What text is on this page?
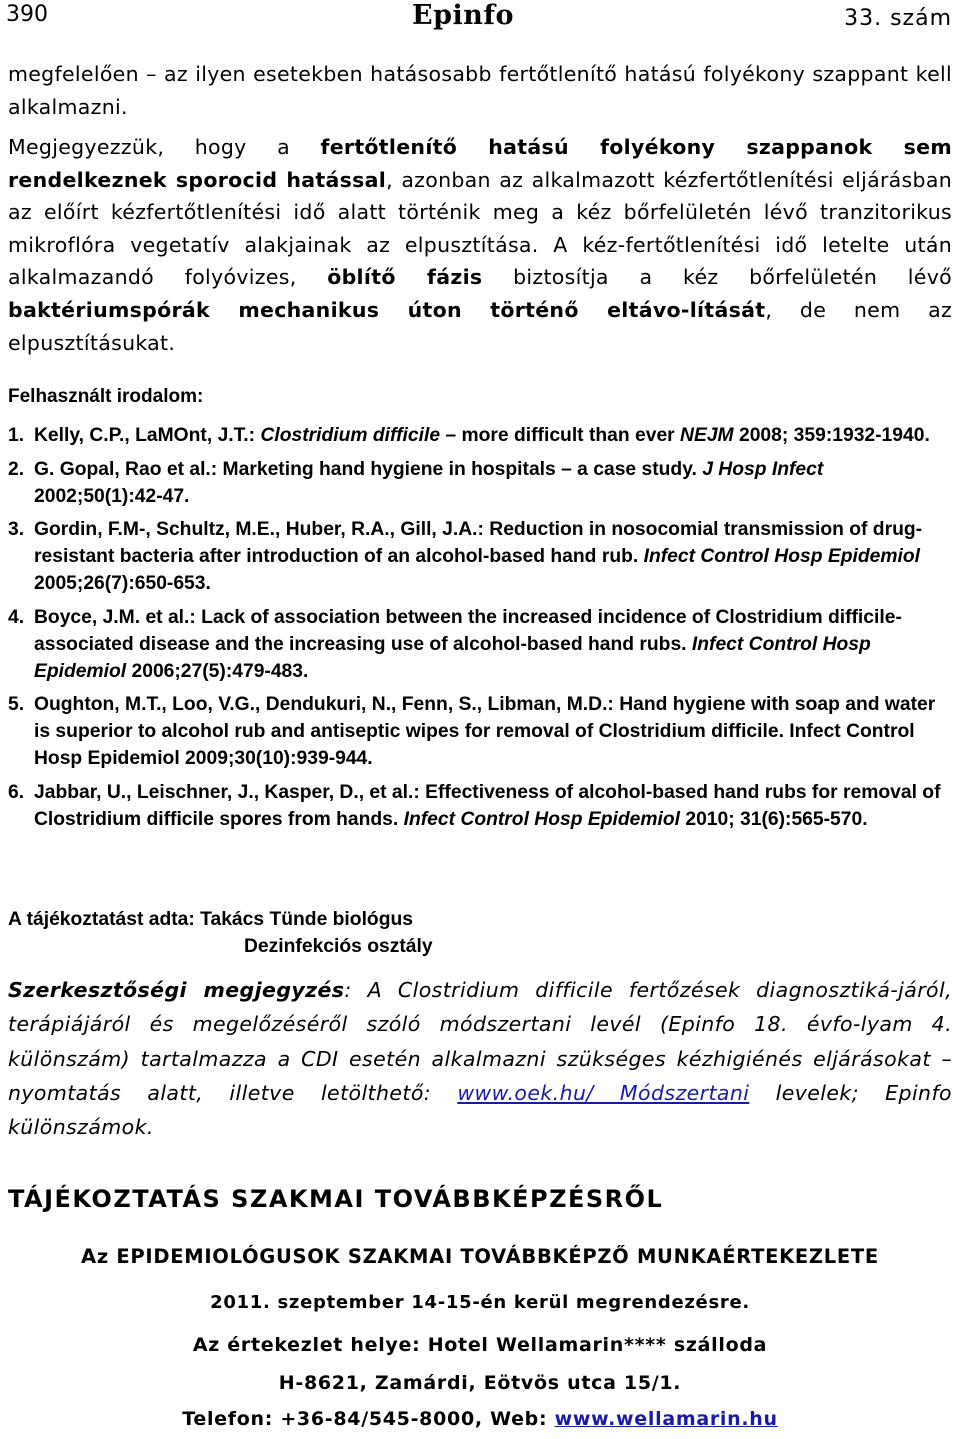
390	Epinfo	33. szám
megfelelően – az ilyen esetekben hatásosabb fertőtlenítő hatású folyékony szappant kell alkalmazni.
Megjegyezzük, hogy a fertőtlenítő hatású folyékony szappanok sem rendelkeznek sporocid hatással, azonban az alkalmazott kézfertőtlenítési eljárásban az előírt kézfertőtlenítési idő alatt történik meg a kéz bőrfelületén lévő tranzitorikus mikroflóra vegetatív alakjainak az elpusztítása. A kéz-fertőtlenítési idő letelte után alkalmazandó folyóvizes, öblítő fázis biztosítja a kéz bőrfelületén lévő baktériumspórák mechanikus úton történő eltávo-lítását, de nem az elpusztításukat.
Felhasznált irodalom:
1. Kelly, C.P., LaMOnt, J.T.: Clostridium difficile – more difficult than ever NEJM 2008; 359:1932-1940.
2. G. Gopal, Rao et al.: Marketing hand hygiene in hospitals – a case study. J Hosp Infect 2002;50(1):42-47.
3. Gordin, F.M-, Schultz, M.E., Huber, R.A., Gill, J.A.: Reduction in nosocomial transmission of drug-resistant bacteria after introduction of an alcohol-based hand rub. Infect Control Hosp Epidemiol 2005;26(7):650-653.
4. Boyce, J.M. et al.: Lack of association between the increased incidence of Clostridium difficile-associated disease and the increasing use of alcohol-based hand rubs. Infect Control Hosp Epidemiol 2006;27(5):479-483.
5. Oughton, M.T., Loo, V.G., Dendukuri, N., Fenn, S., Libman, M.D.: Hand hygiene with soap and water is superior to alcohol rub and antiseptic wipes for removal of Clostridium difficile. Infect Control Hosp Epidemiol 2009;30(10):939-944.
6. Jabbar, U., Leischner, J., Kasper, D., et al.: Effectiveness of alcohol-based hand rubs for removal of Clostridium difficile spores from hands. Infect Control Hosp Epidemiol 2010; 31(6):565-570.
A tájékoztatást adta: Takács Tünde biológus
Dezinfekciós osztály
Szerkesztőségi megjegyzés: A Clostridium difficile fertőzések diagnosztiká-járól, terápiájáról és megelőzéséről szóló módszertani levél (Epinfo 18. évfo-lyam 4. különszám) tartalmazza a CDI esetén alkalmazni szükséges kézhigiénés eljárásokat – nyomtatás alatt, illetve letölthető: www.oek.hu/ Módszertani levelek; Epinfo különszámok.
TÁJÉKOZTATÁS SZAKMAI TOVÁBBKÉPZÉSRŐL
Az EPIDEMIOLÓGUSOK SZAKMAI TOVÁBBKÉPZŐ MUNKAÉRTEKEZLETE
2011. szeptember 14-15-én kerül megrendezésre.
Az értekezlet helye: Hotel Wellamarin**** szálloda
H-8621, Zamárdi, Eötvös utca 15/1.
Telefon: +36-84/545-8000, Web: www.wellamarin.hu
